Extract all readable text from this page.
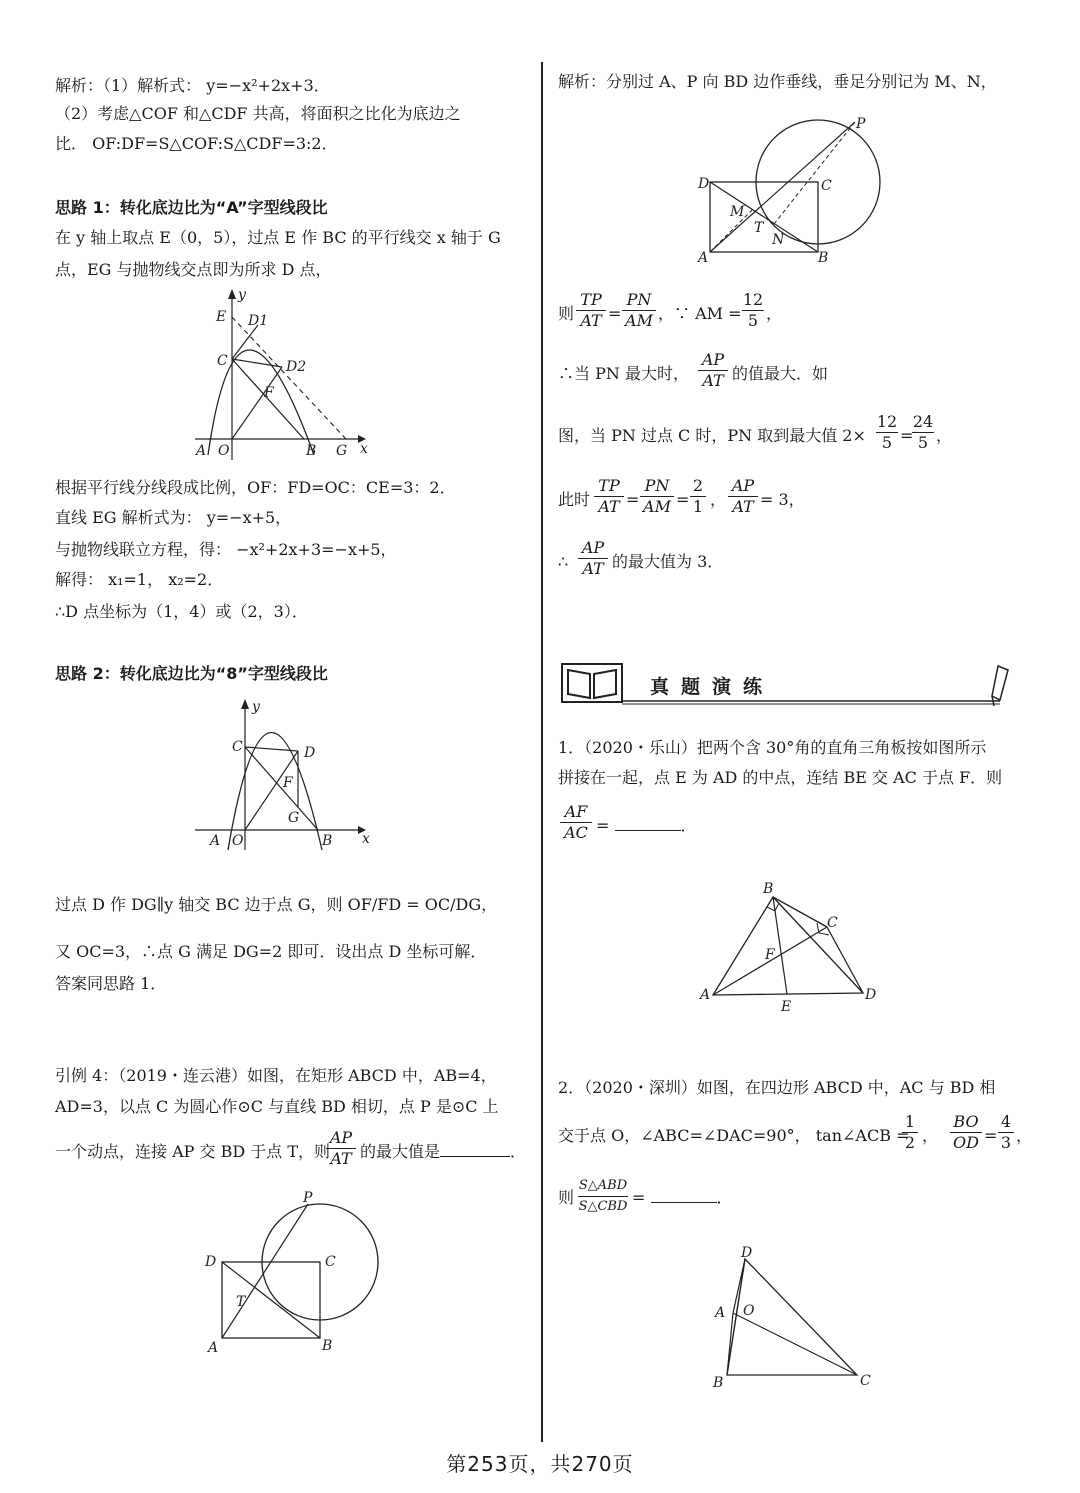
解析：（1）解析式： y=−x²+2x+3．
（2）考虑△COF 和△CDF 共高，将面积之比化为底边之
比． OF:DF=S△COF:S△CDF=3:2．
思路 1：转化底边比为“A”字型线段比
在 y 轴上取点 E（0，5），过点 E 作 BC 的平行线交 x 轴于 G
点，EG 与抛物线交点即为所求 D 点，
y
E D1
C	D2
F
A O	B G x
根据平行线分线段成比例，OF：FD=OC：CE=3：2．
直线 EG 解析式为： y=−x+5，
与抛物线联立方程，得： −x²+2x+3=−x+5，
解得： x₁=1， x₂=2．
∴D 点坐标为（1，4）或（2，3）．
思路 2：转化底边比为“8”字型线段比
y
C	D
F
G
A O	B x
过点 D 作 DG∥y 轴交 BC 边于点 G，则 OF/FD = OC/DG，
又 OC=3，∴点 G 满足 DG=2 即可．设出点 D 坐标可解．
答案同思路 1．
引例 4：（2019・连云港）如图，在矩形 ABCD 中，AB=4，
AD=3，以点 C 为圆心作⊙C 与直线 BD 相切，点 P 是⊙C 上
一个动点，连接 AP 交 BD 于点 T，则
AP
AT 的最大值是	．
P
D	C
T
A	B
解析：分别过 A、P 向 BD 边作垂线，垂足分别记为 M、N，
P
D	C
M
T
N
A	B
则
TP
AT =
PN
AM ，∵ AM =
12
5 ，
∴当 PN 最大时，
AP
AT 的值最大．如
图，当 PN 过点 C 时，PN 取到最大值 2×
12
5 =
24
5 ，
此时
TP
AT =
PN
AM =
2
1 ，
AP
AT = 3，
∴
AP
AT 的最大值为 3．
真题演练
1．（2020・乐山）把两个含 30°角的直角三角板按如图所示
拼接在一起，点 E 为 AD 的中点，连结 BE 交 AC 于点 F．则
AF
AC =	．
B
C
F
A
E
D
2．（2020・深圳）如图，在四边形 ABCD 中，AC 与 BD 相
交于点 O，∠ABC=∠DAC=90°， tan∠ACB =
1
2 ，
BO
OD =
4
3 ，
则
S△ABD
S△CBD =	．
D
A O
B	C
第253页，共270页
